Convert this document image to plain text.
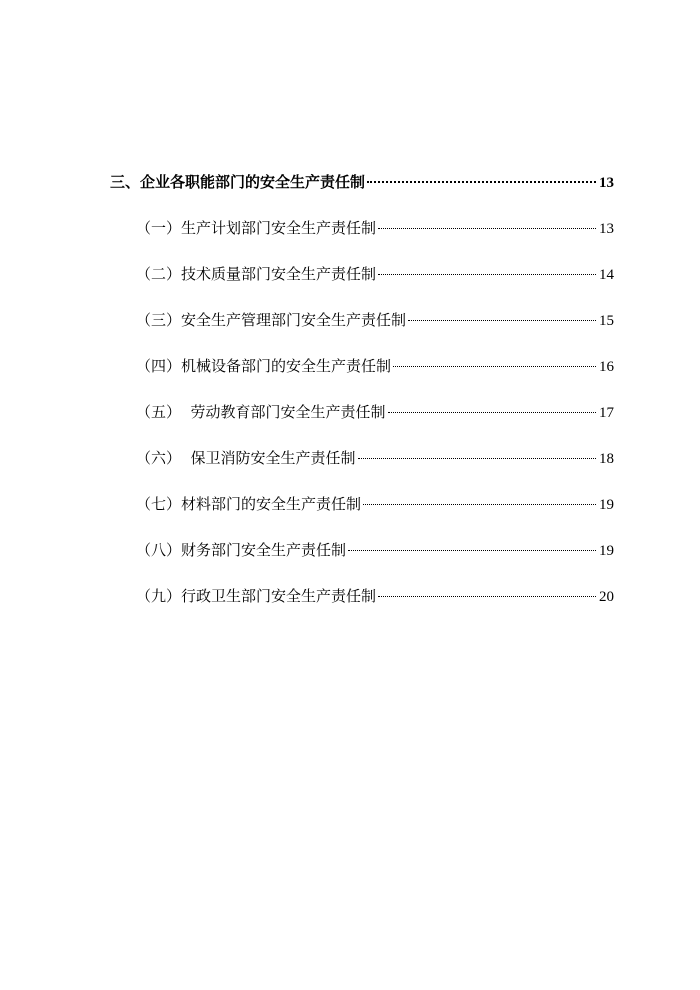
三、企业各职能部门的安全生产责任制	13
（一）生产计划部门安全生产责任制	13
（二）技术质量部门安全生产责任制	14
（三）安全生产管理部门安全生产责任制	15
（四）机械设备部门的安全生产责任制	16
（五）  劳动教育部门安全生产责任制	17
（六）  保卫消防安全生产责任制	18
（七）材料部门的安全生产责任制	19
（八）财务部门安全生产责任制	19
（九）行政卫生部门安全生产责任制	20
